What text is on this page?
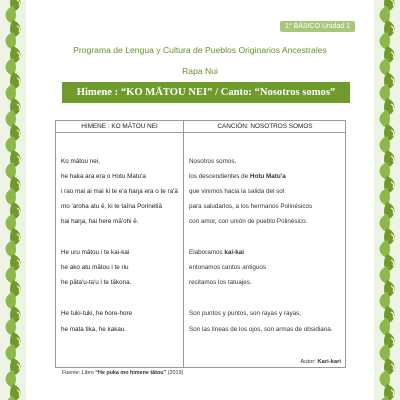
1° BÁSICO Unidad 1
Programa de Lengua y Cultura de Pueblos Originarios Ancestrales
Rapa Nui
Himene : “KO MĀTOU NEI” / Canto: “Nosotros somos”
HIMENE : KO MĀTOU NEI	CANCIÓN: NOSOTROS SOMOS
Ko mātou nei,
he haka ara era o Hotu Matu'a
i rao mai ai mai ki te e'a haŋa era o te ra'ā
mo 'aroha atu ē, ki te taīna Porinetiā
hai haŋa, hai here mā'ohi ē.
He uru mātou i te kai-kai
he ako atu mātou i te riu
he pāta'u-ta'u i te tākona.
He tuki-tuki, he hore-hore
he mata tika, he kakau.
Nosotros somos,
los descendientes de Hotu Matu'a
que vinimos hacia la salida del sol
para saludarlos, a los hermanos Polinésicos
con amor, con unión de pueblo Polinésico.
Elaboramos kai-kai
entonamos cantos antiguos
recitamos los tatuajes.
Son puntos y puntos, son rayas y rayas,
Son las líneas de los ojos, son armas de obsidiana.
Autor: Kari-kari
Fuente: Libro “He puka mo himene tātou” (2019)
